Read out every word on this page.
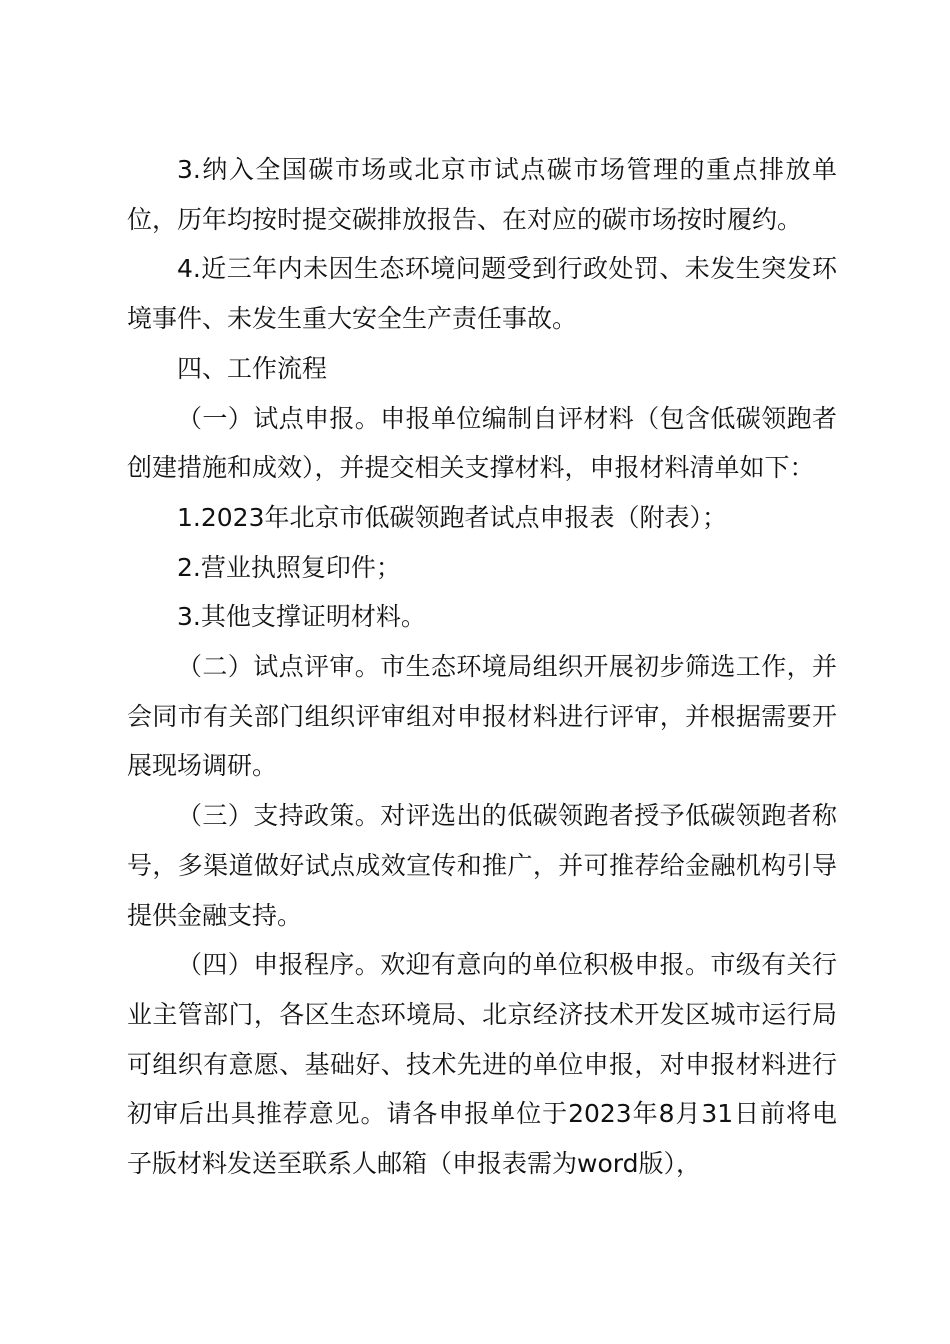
3.纳入全国碳市场或北京市试点碳市场管理的重点排放单位，历年均按时提交碳排放报告、在对应的碳市场按时履约。

4.近三年内未因生态环境问题受到行政处罚、未发生突发环境事件、未发生重大安全生产责任事故。

四、工作流程

（一）试点申报。申报单位编制自评材料（包含低碳领跑者创建措施和成效），并提交相关支撑材料，申报材料清单如下：

1.2023年北京市低碳领跑者试点申报表（附表）；

2.营业执照复印件；

3.其他支撑证明材料。

（二）试点评审。市生态环境局组织开展初步筛选工作，并会同市有关部门组织评审组对申报材料进行评审，并根据需要开展现场调研。

（三）支持政策。对评选出的低碳领跑者授予低碳领跑者称号，多渠道做好试点成效宣传和推广，并可推荐给金融机构引导提供金融支持。

（四）申报程序。欢迎有意向的单位积极申报。市级有关行业主管部门，各区生态环境局、北京经济技术开发区城市运行局可组织有意愿、基础好、技术先进的单位申报，对申报材料进行初审后出具推荐意见。请各申报单位于2023年8月31日前将电子版材料发送至联系人邮箱（申报表需为word版），
